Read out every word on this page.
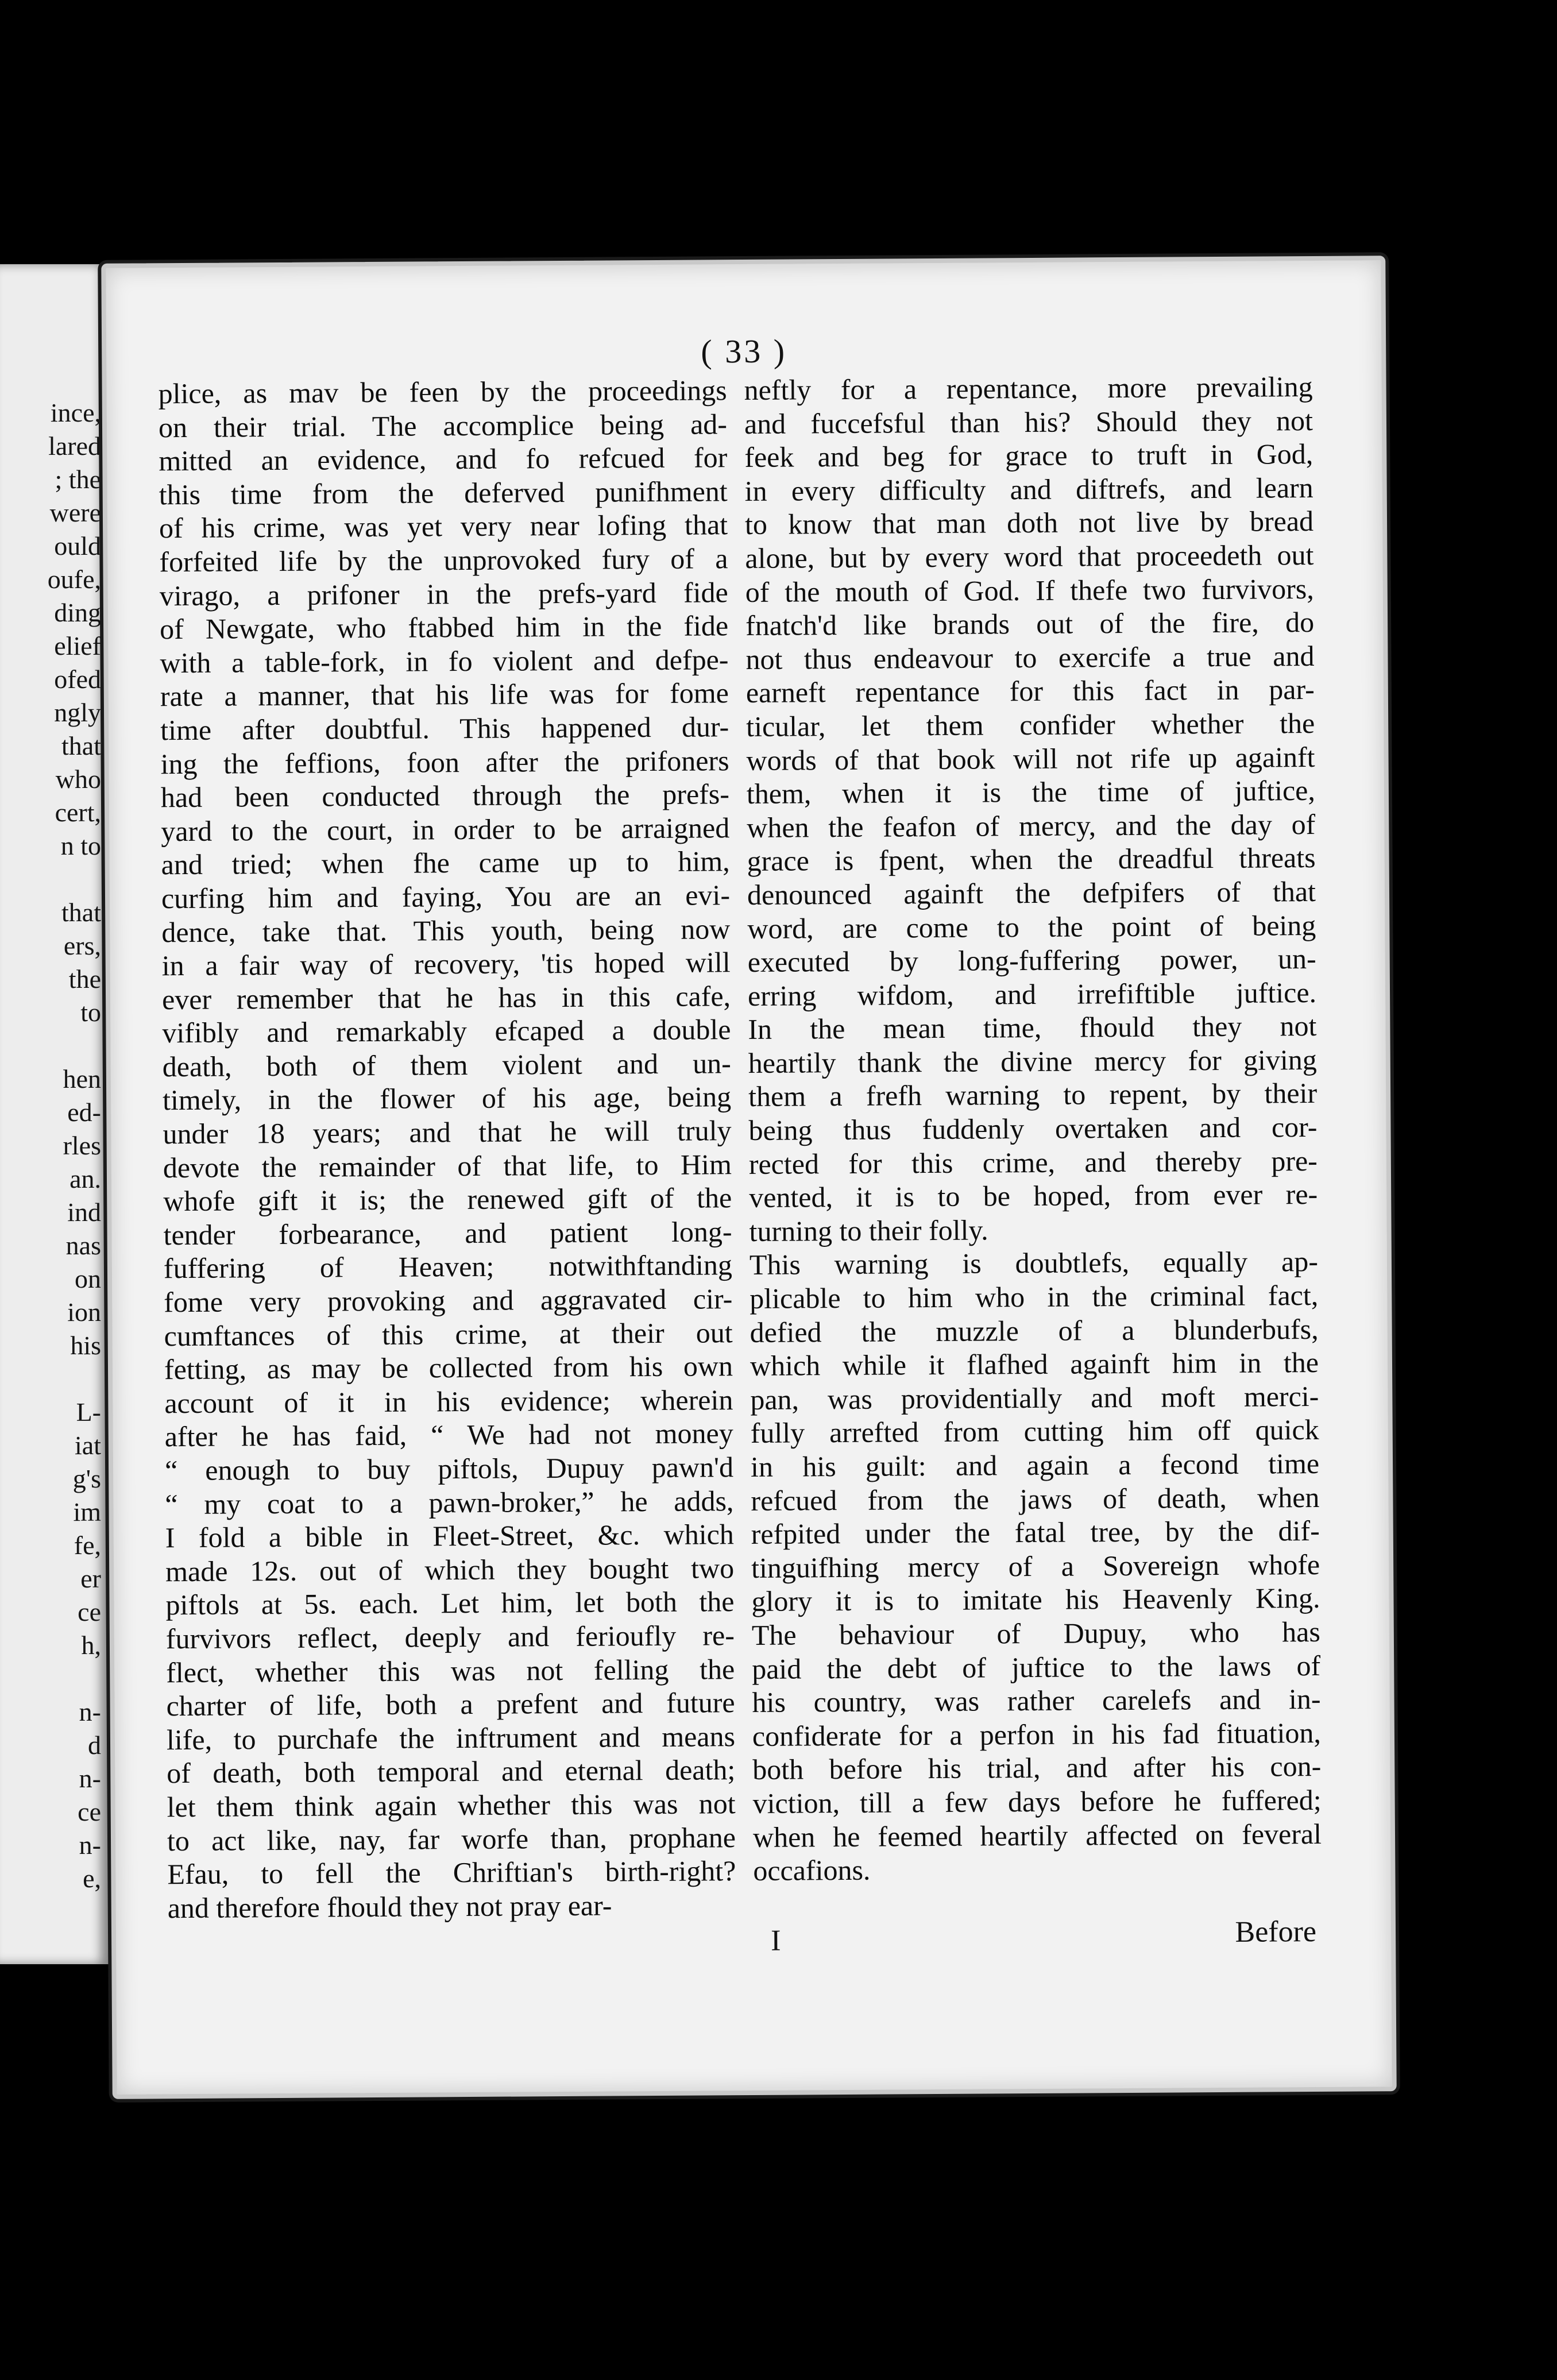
ince,
lared
; the
were
ould
oufe,
ding
elief
ofed
ngly
that
who
cert,
n to
that
ers,
the
to
hen
ed-
rles
an.
ind
nas
on
ion
his
L-
iat
g's
im
fe,
er
ce
h,
n-
d
n-
ce
n-
e,
( 33 )
plice, as mav be feen by the proceedings
on their trial. The accomplice being ad-
mitted an evidence, and fo refcued for
this time from the deferved punifhment
of his crime, was yet very near lofing that
forfeited life by the unprovoked fury of a
virago, a prifoner in the prefs-yard fide
of Newgate, who ftabbed him in the fide
with a table-fork, in fo violent and defpe-
rate a manner, that his life was for fome
time after doubtful. This happened dur-
ing the feffions, foon after the prifoners
had been conducted through the prefs-
yard to the court, in order to be arraigned
and tried; when fhe came up to him,
curfing him and faying, You are an evi-
dence, take that. This youth, being now
in a fair way of recovery, 'tis hoped will
ever remember that he has in this cafe,
vifibly and remarkably efcaped a double
death, both of them violent and un-
timely, in the flower of his age, being
under 18 years; and that he will truly
devote the remainder of that life, to Him
whofe gift it is; the renewed gift of the
tender forbearance, and patient long-
fuffering of Heaven; notwithftanding
fome very provoking and aggravated cir-
cumftances of this crime, at their out
fetting, as may be collected from his own
account of it in his evidence; wherein
after he has faid, “ We had not money
“ enough to buy piftols, Dupuy pawn'd
“ my coat to a pawn-broker,” he adds,
I fold a bible in Fleet-Street, &c. which
made 12s. out of which they bought two
piftols at 5s. each. Let him, let both the
furvivors reflect, deeply and ferioufly re-
flect, whether this was not felling the
charter of life, both a prefent and future
life, to purchafe the inftrument and means
of death, both temporal and eternal death;
let them think again whether this was not
to act like, nay, far worfe than, prophane
Efau, to fell the Chriftian's birth-right?
and therefore fhould they not pray ear-
neftly for a repentance, more prevailing
and fuccefsful than his? Should they not
feek and beg for grace to truft in God,
in every difficulty and diftrefs, and learn
to know that man doth not live by bread
alone, but by every word that proceedeth out
of the mouth of God. If thefe two furvivors,
fnatch'd like brands out of the fire, do
not thus endeavour to exercife a true and
earneft repentance for this fact in par-
ticular, let them confider whether the
words of that book will not rife up againft
them, when it is the time of juftice,
when the feafon of mercy, and the day of
grace is fpent, when the dreadful threats
denounced againft the defpifers of that
word, are come to the point of being
executed by long-fuffering power, un-
erring wifdom, and irrefiftible juftice.
In the mean time, fhould they not
heartily thank the divine mercy for giving
them a frefh warning to repent, by their
being thus fuddenly overtaken and cor-
rected for this crime, and thereby pre-
vented, it is to be hoped, from ever re-
turning to their folly.
This warning is doubtlefs, equally ap-
plicable to him who in the criminal fact,
defied the muzzle of a blunderbufs,
which while it flafhed againft him in the
pan, was providentially and moft merci-
fully arrefted from cutting him off quick
in his guilt: and again a fecond time
refcued from the jaws of death, when
refpited under the fatal tree, by the dif-
tinguifhing mercy of a Sovereign whofe
glory it is to imitate his Heavenly King.
The behaviour of Dupuy, who has
paid the debt of juftice to the laws of
his country, was rather carelefs and in-
confiderate for a perfon in his fad fituation,
both before his trial, and after his con-
viction, till a few days before he fuffered;
when he feemed heartily affected on feveral
occafions.
I	Before
